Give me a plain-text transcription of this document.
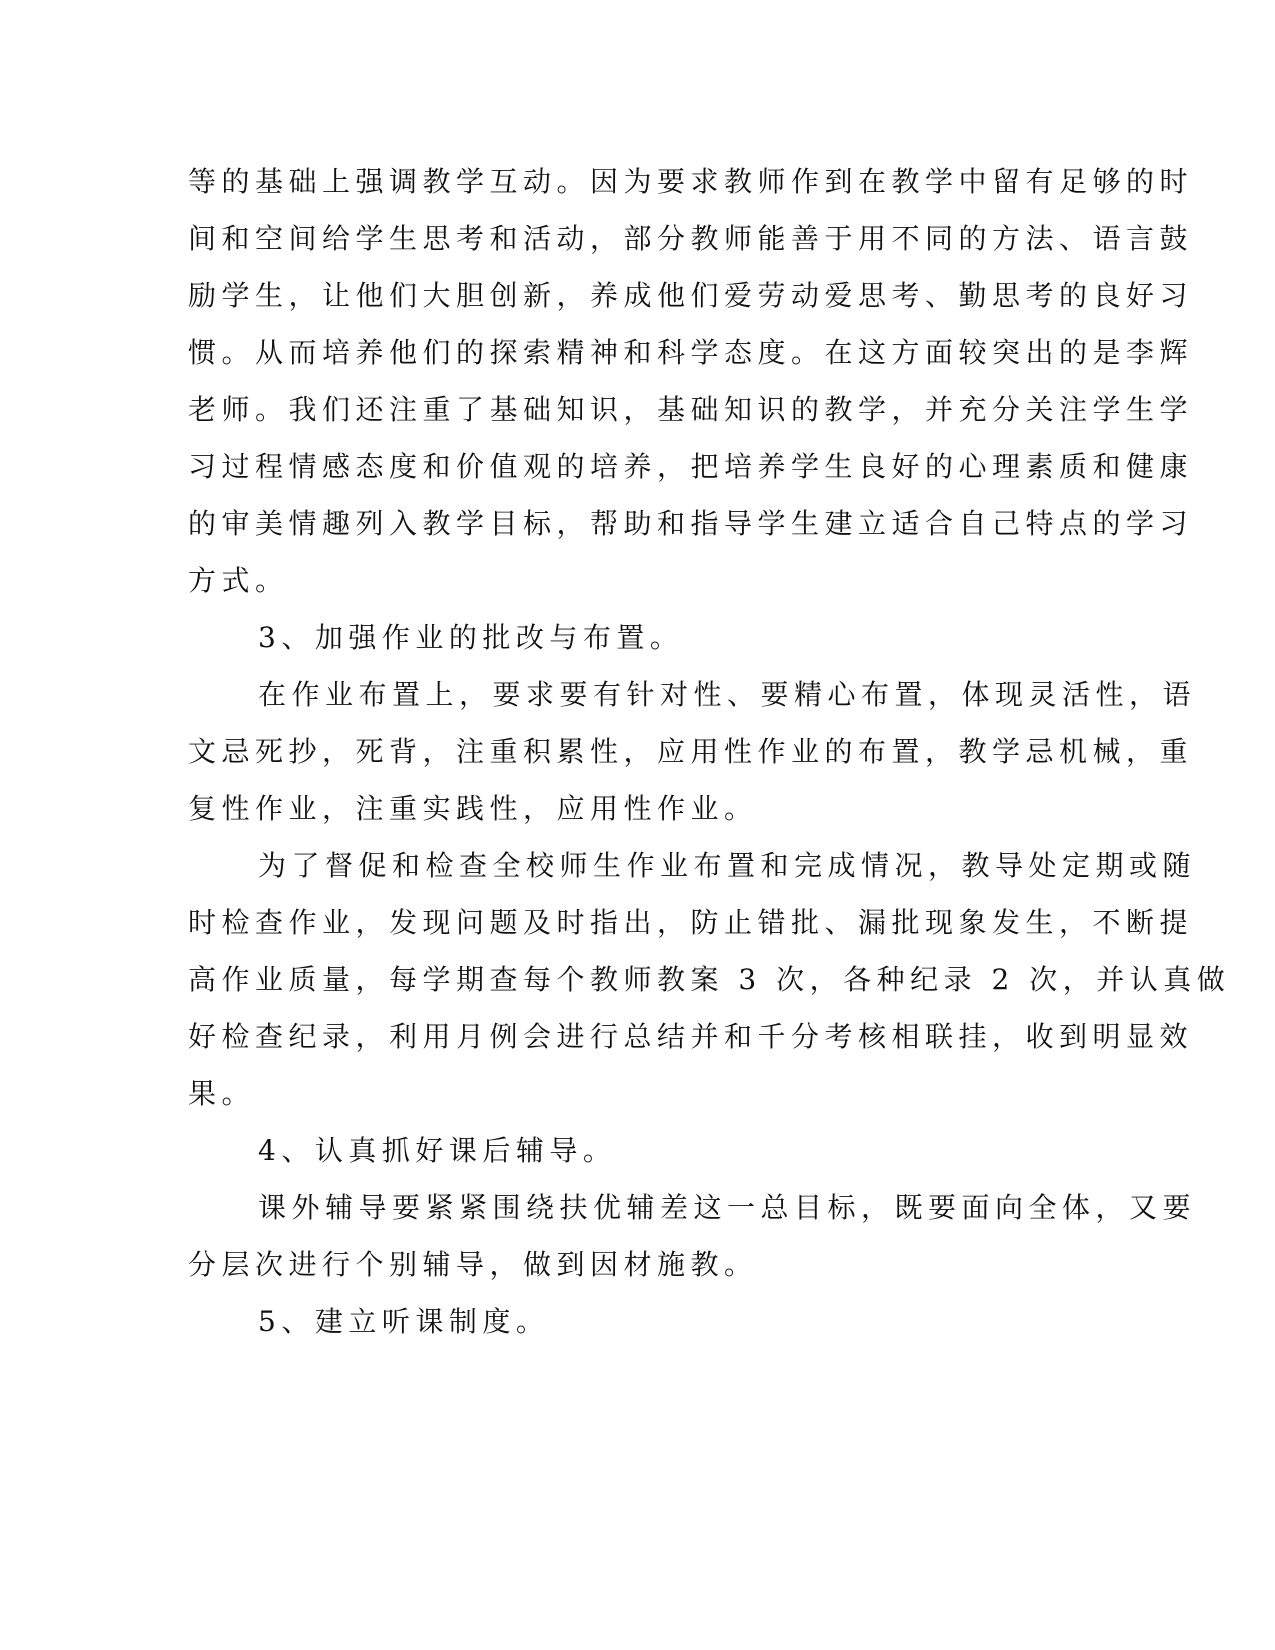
等的基础上强调教学互动。因为要求教师作到在教学中留有足够的时
间和空间给学生思考和活动，部分教师能善于用不同的方法、语言鼓
励学生，让他们大胆创新，养成他们爱劳动爱思考、勤思考的良好习
惯。从而培养他们的探索精神和科学态度。在这方面较突出的是李辉
老师。我们还注重了基础知识，基础知识的教学，并充分关注学生学
习过程情感态度和价值观的培养，把培养学生良好的心理素质和健康
的审美情趣列入教学目标，帮助和指导学生建立适合自己特点的学习
方式。
3、加强作业的批改与布置。
在作业布置上，要求要有针对性、要精心布置，体现灵活性，语
文忌死抄，死背，注重积累性，应用性作业的布置，教学忌机械，重
复性作业，注重实践性，应用性作业。
为了督促和检查全校师生作业布置和完成情况，教导处定期或随
时检查作业，发现问题及时指出，防止错批、漏批现象发生，不断提
高作业质量，每学期查每个教师教案 3 次，各种纪录 2 次，并认真做
好检查纪录，利用月例会进行总结并和千分考核相联挂，收到明显效
果。
4、认真抓好课后辅导。
课外辅导要紧紧围绕扶优辅差这一总目标，既要面向全体，又要
分层次进行个别辅导，做到因材施教。
5、建立听课制度。
